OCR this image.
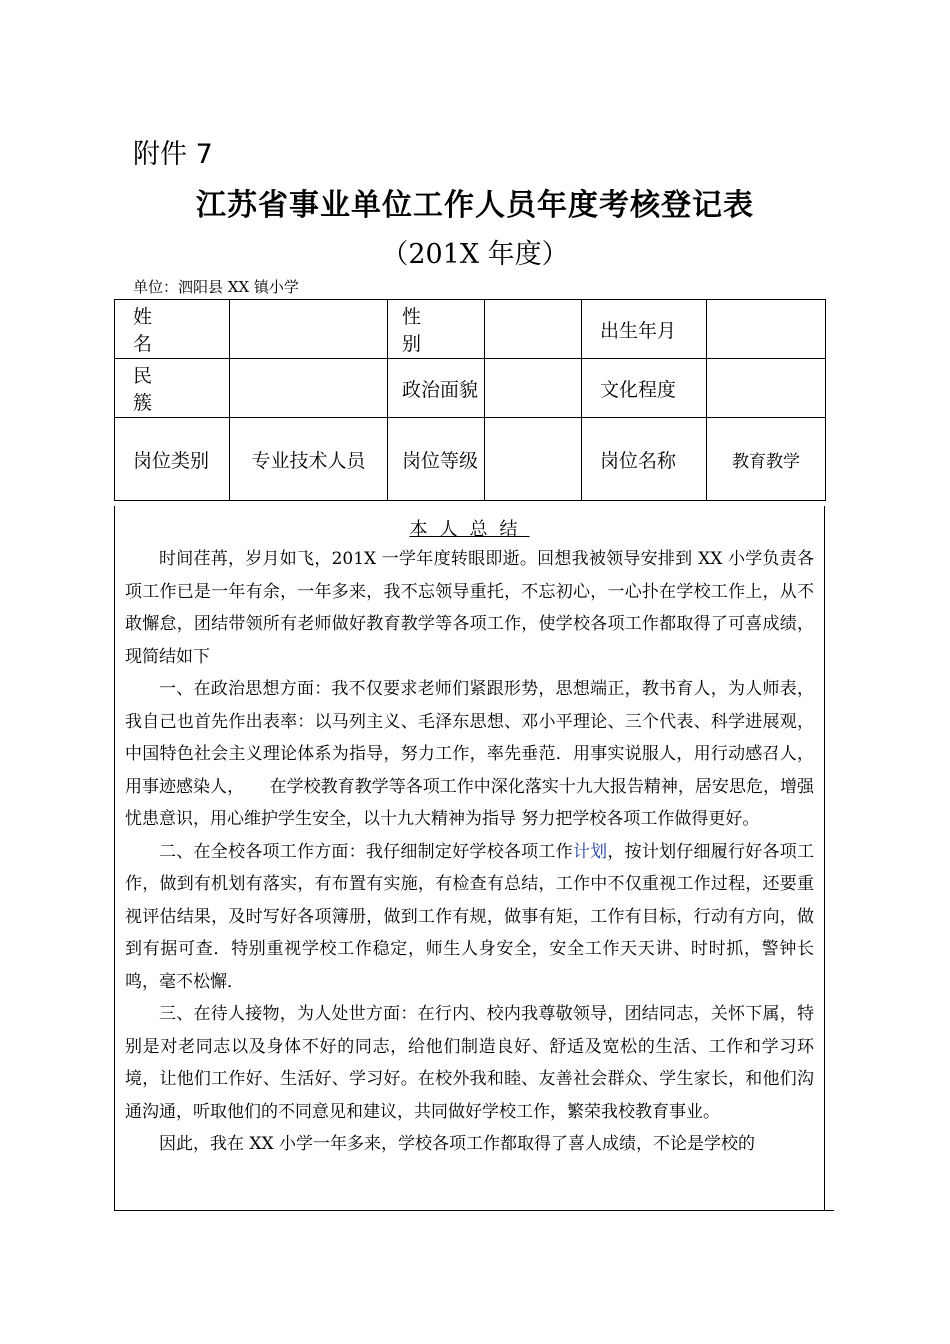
附件 7
江苏省事业单位工作人员年度考核登记表
（201X 年度）
单位：泗阳县 XX 镇小学
姓名		性别		出生年月	
民簇		政治面貌		文化程度	
岗位类别	专业技术人员	岗位等级		岗位名称	教育教学
本人总结

时间荏苒，岁月如飞，201X 一学年度转眼即逝。回想我被领导安排到 XX 小学负责各项工作已是一年有余，一年多来，我不忘领导重托，不忘初心，一心扑在学校工作上，从不敢懈怠，团结带领所有老师做好教育教学等各项工作，使学校各项工作都取得了可喜成绩，现简结如下

一、在政治思想方面：我不仅要求老师们紧跟形势，思想端正，教书育人，为人师表，我自己也首先作出表率：以马列主义、毛泽东思想、邓小平理论、三个代表、科学进展观，中国特色社会主义理论体系为指导，努力工作，率先垂范．用事实说服人，用行动感召人，用事迹感染人，　　在学校教育教学等各项工作中深化落实十九大报告精神，居安思危，增强忧患意识，用心维护学生安全，以十九大精神为指导 努力把学校各项工作做得更好。

二、在全校各项工作方面：我仔细制定好学校各项工作计划，按计划仔细履行好各项工作，做到有机划有落实，有布置有实施，有检查有总结，工作中不仅重视工作过程，还要重视评估结果，及时写好各项簿册，做到工作有规，做事有矩，工作有目标，行动有方向，做到有据可查．特别重视学校工作稳定，师生人身安全，安全工作天天讲、时时抓，警钟长鸣，毫不松懈．

三、在待人接物，为人处世方面：在行内、校内我尊敬领导，团结同志，关怀下属，特别是对老同志以及身体不好的同志，给他们制造良好、舒适及宽松的生活、工作和学习环境，让他们工作好、生活好、学习好。在校外我和睦、友善社会群众、学生家长，和他们沟通沟通，听取他们的不同意见和建议，共同做好学校工作，繁荣我校教育事业。

因此，我在 XX 小学一年多来，学校各项工作都取得了喜人成绩，不论是学校的
